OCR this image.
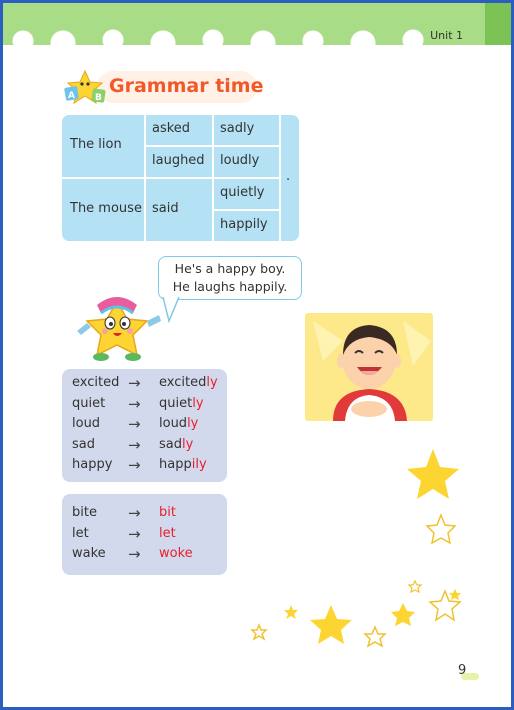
Unit 1
A B
Grammar time
The lion
The mouse
asked
laughed
said
sadly
loudly
quietly
happily
.
He's a happy boy.
He laughs happily.
excited → excitedly
quiet → quietly
loud → loudly
sad → sadly
happy → happily
bite → bit
let	→ let
wake → woke
9
